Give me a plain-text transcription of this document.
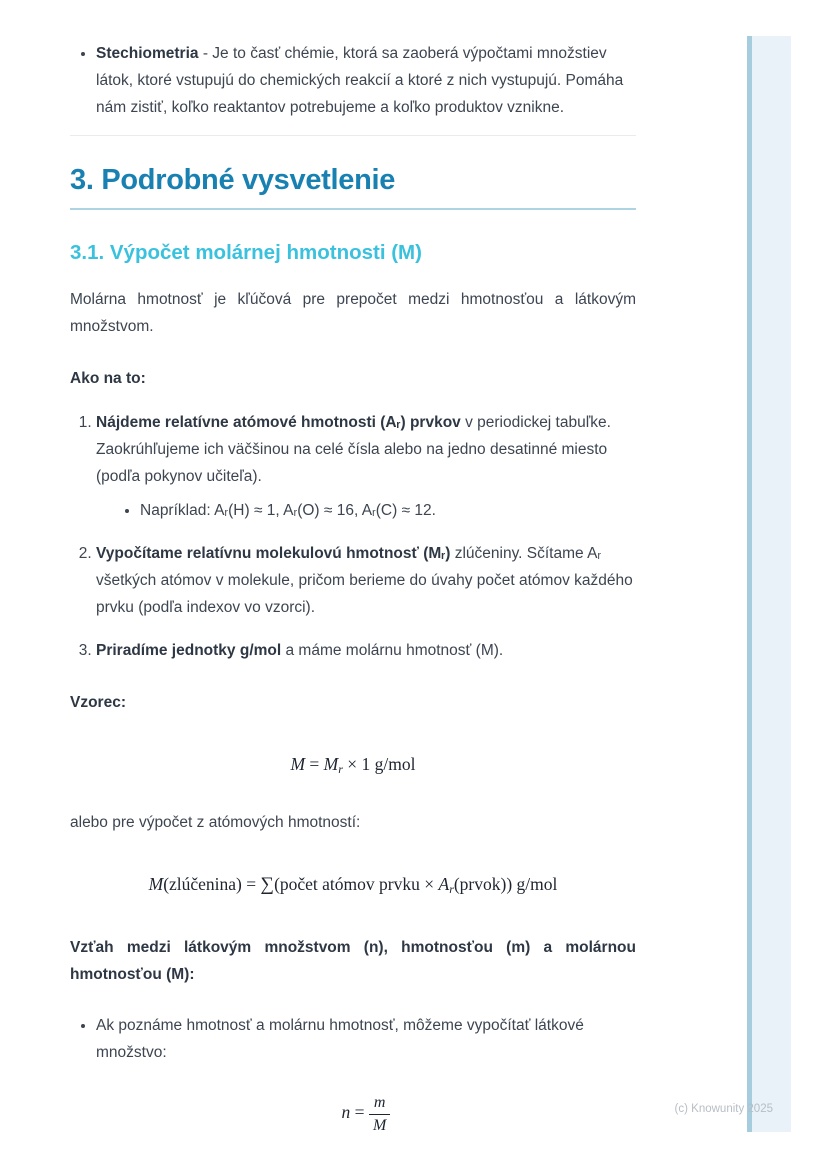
• Stechiometria - Je to časť chémie, ktorá sa zaoberá výpočtami množstiev látok, ktoré vstupujú do chemických reakcií a ktoré z nich vystupujú. Pomáha nám zistiť, koľko reaktantov potrebujeme a koľko produktov vznikne.
3. Podrobné vysvetlenie
3.1. Výpočet molárnej hmotnosti (M)

Molárna hmotnosť je kľúčová pre prepočet medzi hmotnosťou a látkovým množstvom.

Ako na to:

1. Nájdeme relatívne atómové hmotnosti (Aᵣ) prvkov v periodickej tabuľke. Zaokrúhľujeme ich väčšinou na celé čísla alebo na jedno desatinné miesto (podľa pokynov učiteľa).
• Napríklad: Aᵣ(H) ≈ 1, Aᵣ(O) ≈ 16, Aᵣ(C) ≈ 12.
2. Vypočítame relatívnu molekulovú hmotnosť (Mᵣ) zlúčeniny. Sčítame Aᵣ všetkých atómov v molekule, pričom berieme do úvahy počet atómov každého prvku (podľa indexov vo vzorci).
3. Priradíme jednotky g/mol a máme molárnu hmotnosť (M).

Vzorec:

$M = M_r \times 1$ g/mol

alebo pre výpočet z atómových hmotností:

M(zlúčenina) = ∑(počet atómov prvku × $A_r(prvok)$) g/mol

Vzťah medzi látkovým množstvom (n), hmotnosťou (m) a molárnou hmotnosťou (M):

• Ak poznáme hmotnosť a molárnu hmotnosť, môžeme vypočítať látkové množstvo:
$n = \frac{m}{M}$	(c) Knowunity 2025
